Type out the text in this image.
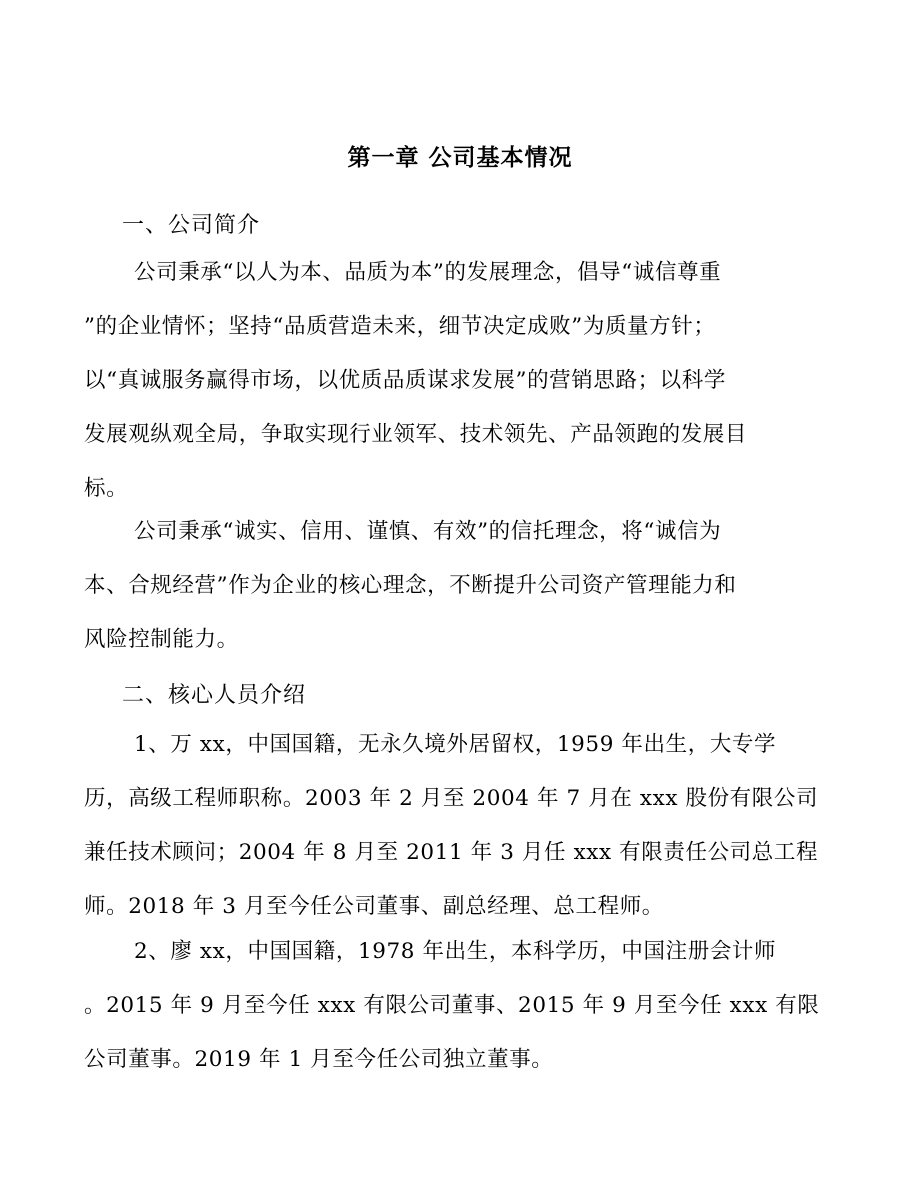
第一章 公司基本情况
一、公司简介
公司秉承“以人为本、品质为本”的发展理念，倡导“诚信尊重
”的企业情怀；坚持“品质营造未来，细节决定成败”为质量方针；
以“真诚服务赢得市场，以优质品质谋求发展”的营销思路；以科学
发展观纵观全局，争取实现行业领军、技术领先、产品领跑的发展目
标。
公司秉承“诚实、信用、谨慎、有效”的信托理念，将“诚信为
本、合规经营”作为企业的核心理念，不断提升公司资产管理能力和
风险控制能力。
二、核心人员介绍
1、万 xx，中国国籍，无永久境外居留权，1959 年出生，大专学
历，高级工程师职称。2003 年 2 月至 2004 年 7 月在 xxx 股份有限公司
兼任技术顾问；2004 年 8 月至 2011 年 3 月任 xxx 有限责任公司总工程
师。2018 年 3 月至今任公司董事、副总经理、总工程师。
2、廖 xx，中国国籍，1978 年出生，本科学历，中国注册会计师
。2015 年 9 月至今任 xxx 有限公司董事、2015 年 9 月至今任 xxx 有限
公司董事。2019 年 1 月至今任公司独立董事。
